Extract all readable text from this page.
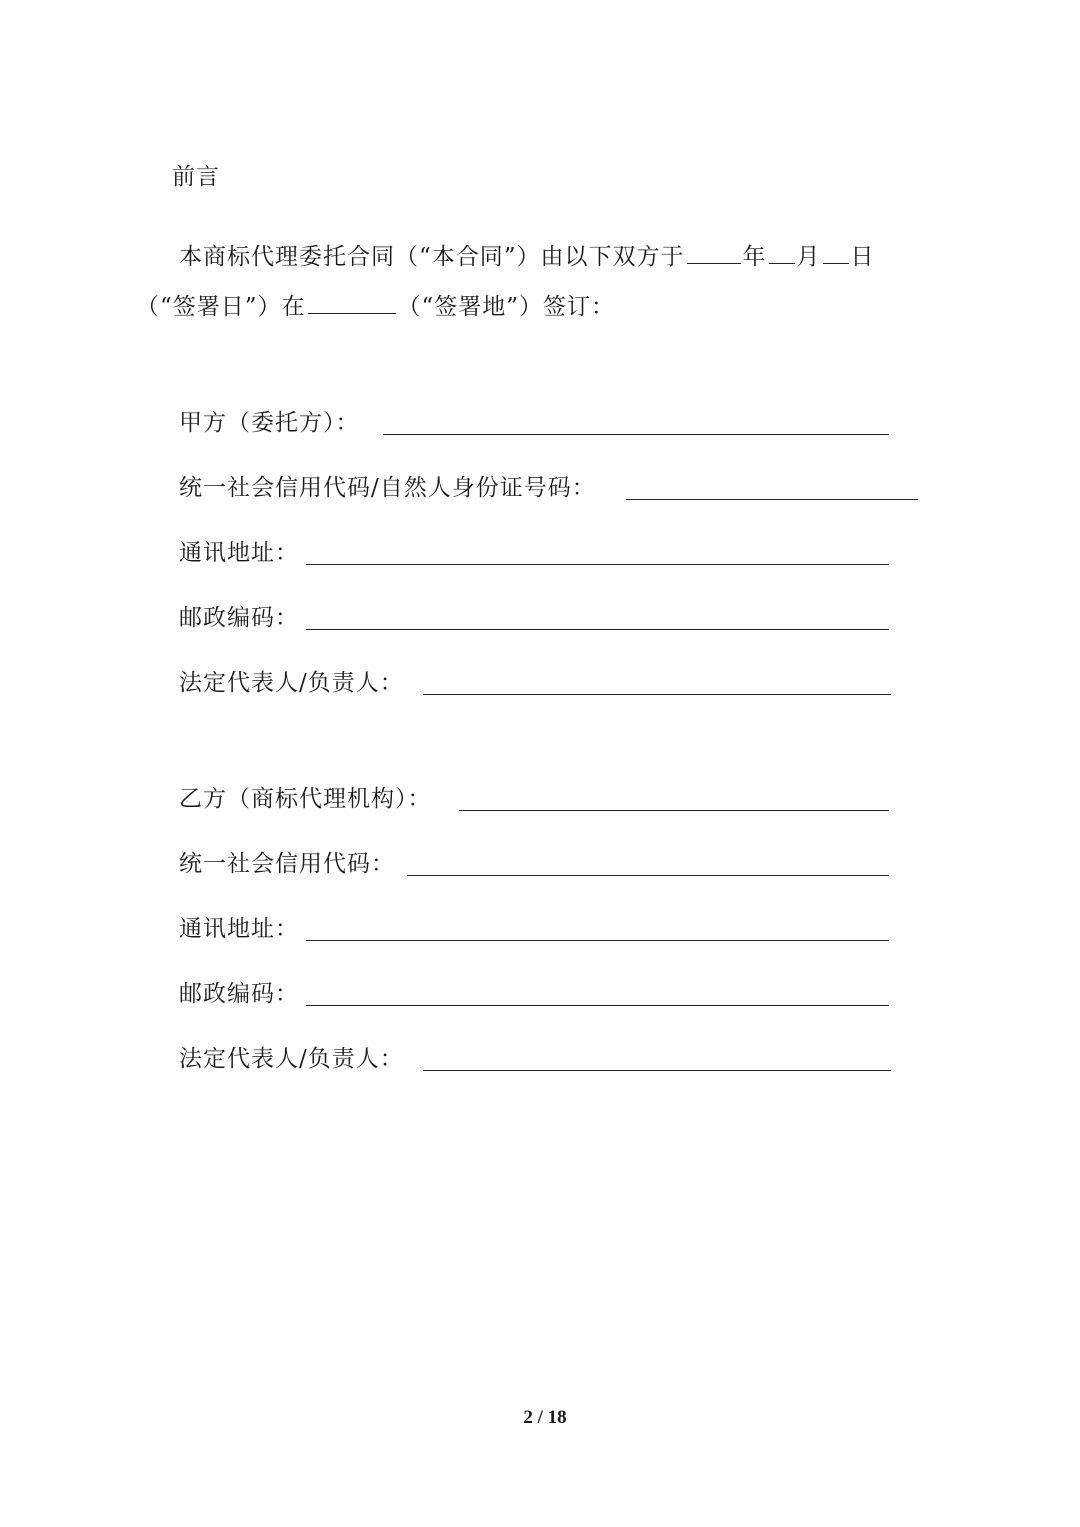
前言
本商标代理委托合同（“本合同”）由以下双方于	年 月 日
（“签署日”）在	（“签署地”）签订：
甲方（委托方）：
统一社会信用代码/自然人身份证号码：
通讯地址：
邮政编码：
法定代表人/负责人：
乙方（商标代理机构）：
统一社会信用代码：
通讯地址：
邮政编码：
法定代表人/负责人：
2 / 18
